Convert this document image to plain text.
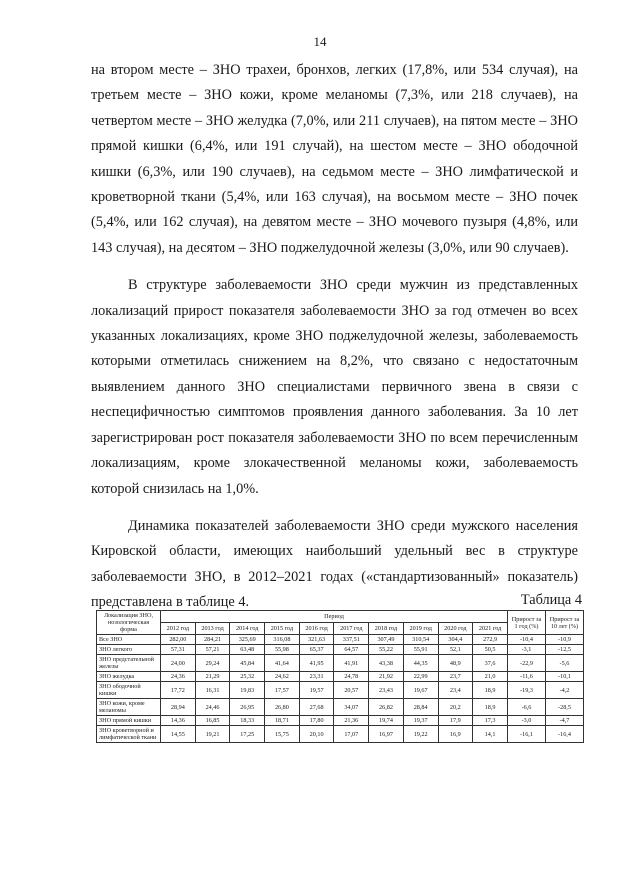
14

на втором месте – ЗНО трахеи, бронхов, легких (17,8%, или 534 случая), на третьем месте – ЗНО кожи, кроме меланомы (7,3%, или 218 случаев), на четвертом месте – ЗНО желудка (7,0%, или 211 случаев), на пятом месте – ЗНО прямой кишки (6,4%, или 191 случай), на шестом месте – ЗНО ободочной кишки (6,3%, или 190 случаев), на седьмом месте – ЗНО лимфатической и кроветворной ткани (5,4%, или 163 случая), на восьмом месте – ЗНО почек (5,4%, или 162 случая), на девятом месте – ЗНО мочевого пузыря (4,8%, или 143 случая), на десятом – ЗНО поджелудочной железы (3,0%, или 90 случаев).

В структуре заболеваемости ЗНО среди мужчин из представленных локализаций прирост показателя заболеваемости ЗНО за год отмечен во всех указанных локализациях, кроме ЗНО поджелудочной железы, заболеваемость которыми отметилась снижением на 8,2%, что связано с недостаточным выявлением данного ЗНО специалистами первичного звена в связи с неспецифичностью симптомов проявления данного заболевания. За 10 лет зарегистрирован рост показателя заболеваемости ЗНО по всем перечисленным локализациям, кроме злокачественной меланомы кожи, заболеваемость которой снизилась на 1,0%.

Динамика показателей заболеваемости ЗНО среди мужского населения Кировской области, имеющих наибольший удельный вес в структуре заболеваемости ЗНО, в 2012–2021 годах («стандартизованный» показатель) представлена в таблице 4.	Таблица 4
Локализация ЗНО, нозологическая форма	Период										Прирост за 1 год (%)	Прирост за 10 лет (%)
	2012 год	2013 год	2014 год	2015 год	2016 год	2017 год	2018 год	2019 год	2020 год	2021 год		
Все ЗНО	282,00	284,21	325,69	316,08	321,63	337,51	307,49	310,54	304,4	272,9	-10,4	-10,9
ЗНО легкого	57,31	57,21	63,48	55,98	65,37	64,57	55,22	55,91	52,1	50,5	-3,1	-12,5
ЗНО предстательной железы	24,00	29,24	45,84	41,64	41,95	41,91	43,38	44,35	48,9	37,6	-22,9	-5,6
ЗНО желудка	24,36	21,29	25,32	24,62	23,31	24,78	21,92	22,99	23,7	21,0	-11,6	-10,1
ЗНО ободочной кишки	17,72	16,31	19,83	17,57	19,57	20,57	23,43	19,67	23,4	18,9	-19,3	-4,2
ЗНО кожи, кроме меланомы	28,94	24,46	26,95	26,80	27,68	34,07	26,82	28,84	20,2	18,9	-6,6	-28,5
ЗНО прямой кишки	14,36	16,85	18,33	18,71	17,80	21,36	19,74	19,37	17,9	17,3	-3,0	-4,7
ЗНО кроветворной и лимфатической ткани	14,55	19,21	17,25	15,75	20,10	17,07	16,97	19,22	16,9	14,1	-16,1	-16,4
